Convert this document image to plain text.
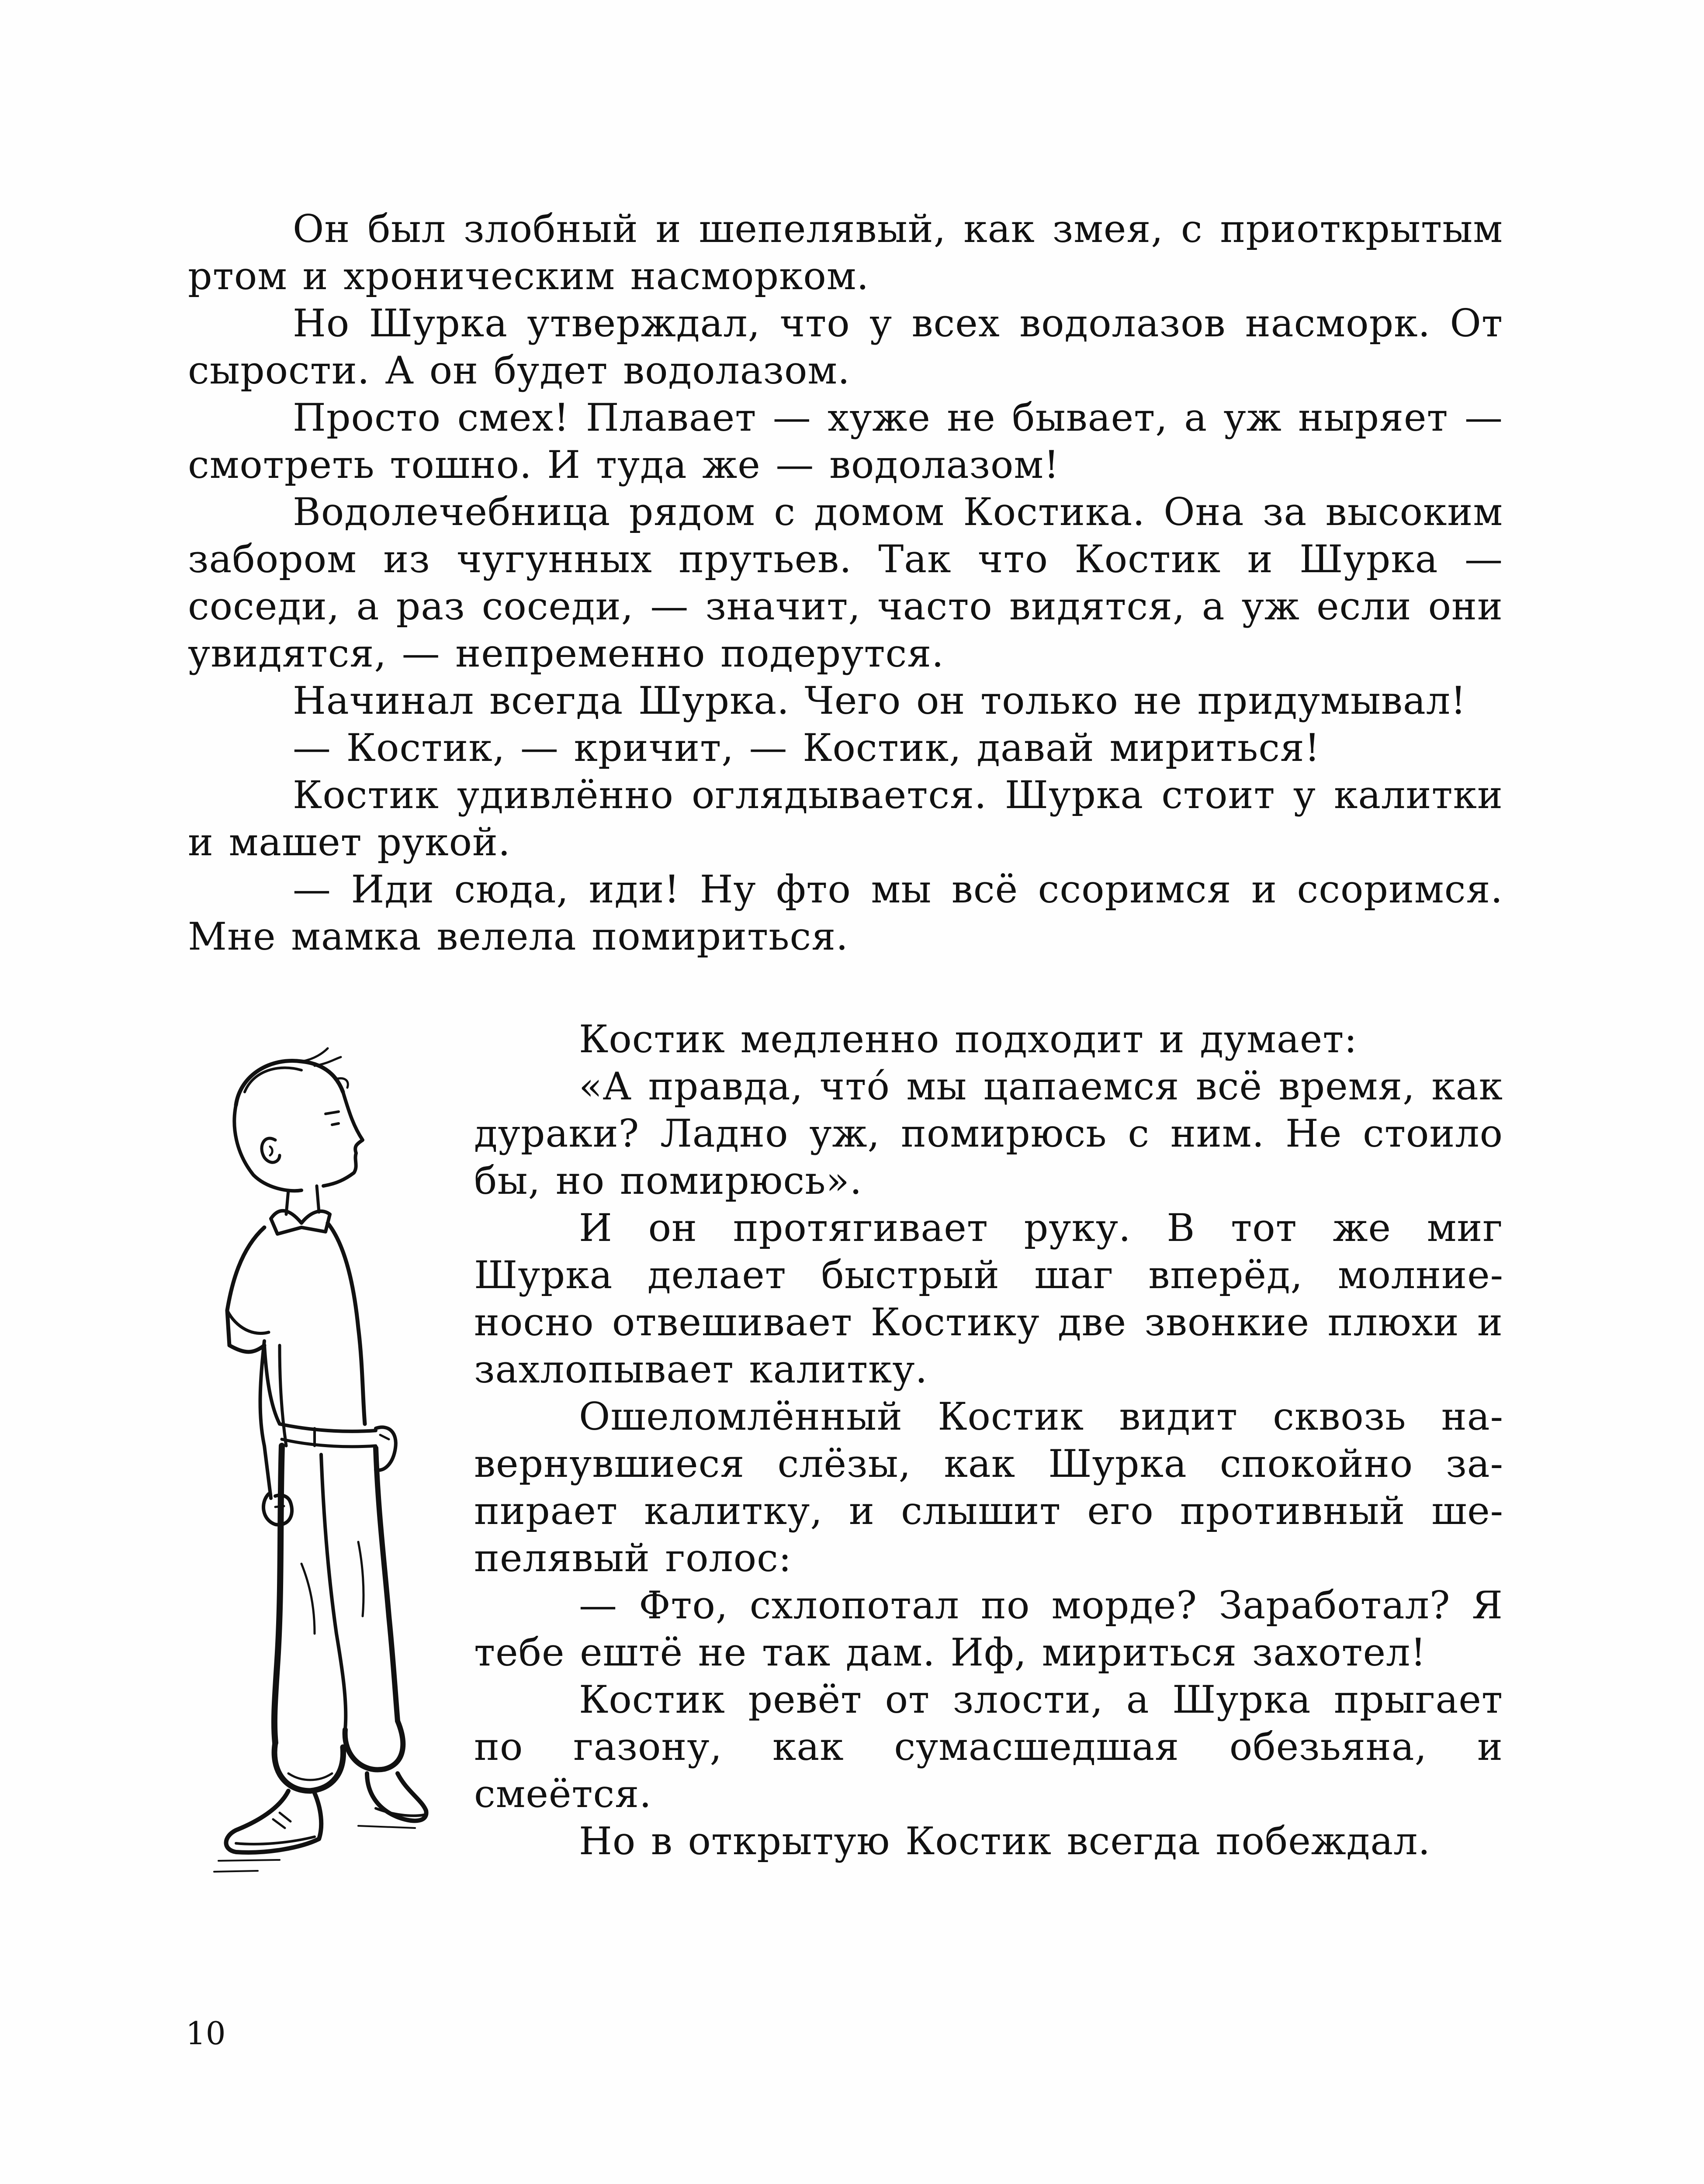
Он был злобный и шепелявый, как змея, с приоткрытым ртом и хроническим насморком.

Но Шурка утверждал, что у всех водолазов насморк. От сырости. А он будет водолазом.

Просто смех! Плавает — хуже не бывает, а уж ныряет — смотреть тошно. И туда же — водолазом!

Водолечебница рядом с домом Костика. Она за высоким забором из чугунных прутьев. Так что Костик и Шурка — соседи, а раз соседи, — значит, часто видятся, а уж если они увидятся, — непременно подерутся.

Начинал всегда Шурка. Чего он только не придумывал!

— Костик, — кричит, — Костик, давай мириться!

Костик удивлённо оглядывается. Шурка стоит у калитки и машет рукой.

— Иди сюда, иди! Ну фто мы всё ссоримся и ссоримся. Мне мамка велела помириться.

Костик медленно подходит и думает:

«А правда, что́ мы цапаемся всё время, как дураки? Ладно уж, помирюсь с ним. Не стоило бы, но помирюсь».

И он протягивает руку. В тот же миг Шурка делает быстрый шаг вперёд, молниеносно отвешивает Костику две звонкие плюхи и захлопывает калитку.

Ошеломлённый Костик видит сквозь навернувшиеся слёзы, как Шурка спокойно запирает калитку, и слышит его противный шепелявый голос:

— Фто, схлопотал по морде? Заработал? Я тебе ештё не так дам. Иф, мириться захотел!

Костик ревёт от злости, а Шурка прыгает по газону, как сумасшедшая обезьяна, и смеётся.

Но в открытую Костик всегда побеждал.

10
